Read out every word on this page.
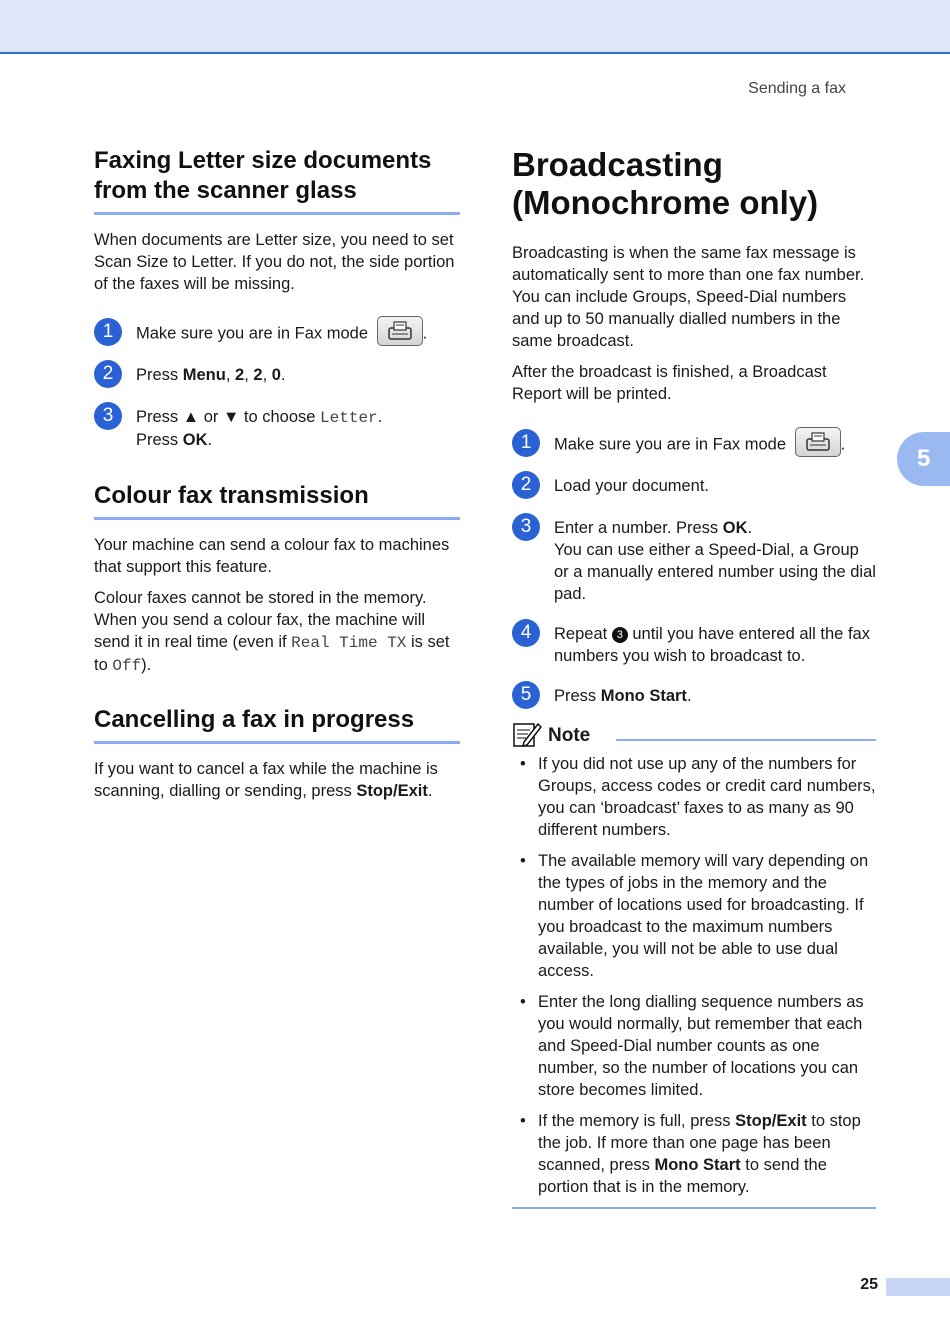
Sending a fax
Faxing Letter size documents from the scanner glass

When documents are Letter size, you need to set Scan Size to Letter. If you do not, the side portion of the faxes will be missing.

1	Make sure you are in Fax mode	.
2	Press Menu, 2, 2, 0.
3	Press ▲ or ▼ to choose Letter.
Press OK.
Colour fax transmission

Your machine can send a colour fax to machines that support this feature.

Colour faxes cannot be stored in the memory. When you send a colour fax, the machine will send it in real time (even if Real Time TX is set to Off).

Cancelling a fax in progress

If you want to cancel a fax while the machine is scanning, dialling or sending, press Stop/Exit.

Broadcasting (Monochrome only)

Broadcasting is when the same fax message is automatically sent to more than one fax number. You can include Groups, Speed-Dial numbers and up to 50 manually dialled numbers in the same broadcast.

After the broadcast is finished, a Broadcast Report will be printed.

1	Make sure you are in Fax mode	.
2	Load your document.
3	Enter a number. Press OK.
You can use either a Speed-Dial, a Group or a manually entered number using the dial pad.
4	Repeat 3 until you have entered all the fax numbers you wish to broadcast to.
5	Press Mono Start.
Note
• If you did not use up any of the numbers for Groups, access codes or credit card numbers, you can ‘broadcast’ faxes to as many as 90 different numbers.
• The available memory will vary depending on the types of jobs in the memory and the number of locations used for broadcasting. If you broadcast to the maximum numbers available, you will not be able to use dual access.
• Enter the long dialling sequence numbers as you would normally, but remember that each and Speed-Dial number counts as one number, so the number of locations you can store becomes limited.
• If the memory is full, press Stop/Exit to stop the job. If more than one page has been scanned, press Mono Start to send the portion that is in the memory.
5
25
